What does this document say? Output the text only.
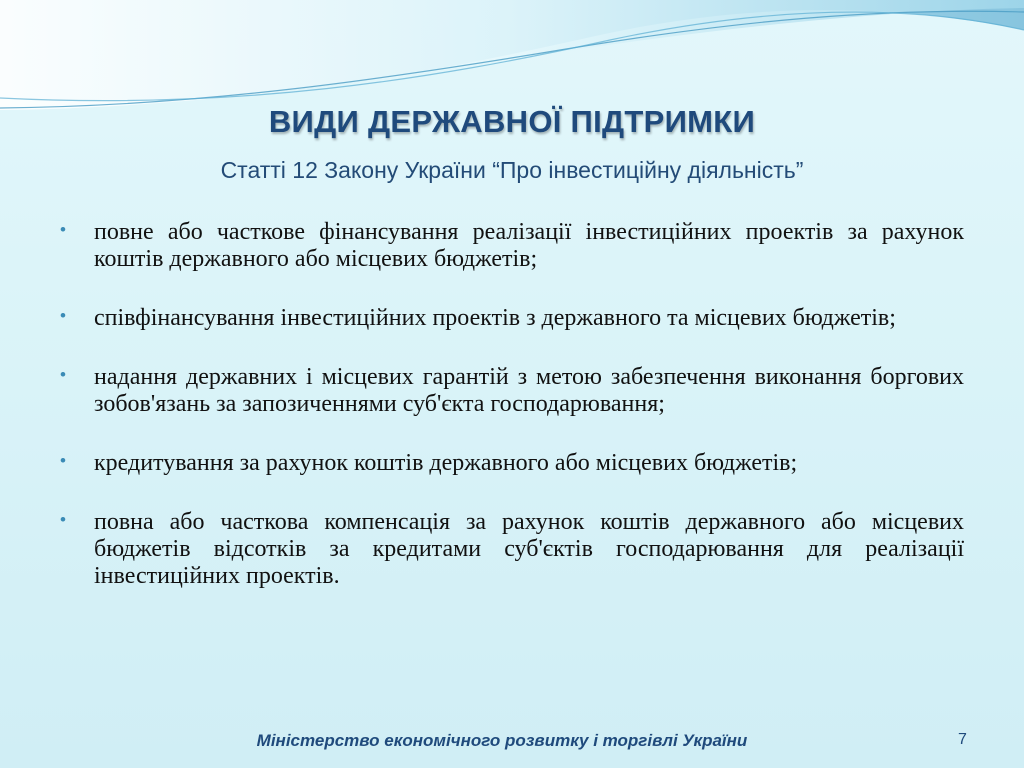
ВИДИ ДЕРЖАВНОЇ ПІДТРИМКИ
Статті 12 Закону України “Про інвестиційну діяльність”
• повне або часткове фінансування реалізації інвестиційних проектів за рахунок коштів державного або місцевих бюджетів;
• співфінансування інвестиційних проектів з державного та місцевих бюджетів;
• надання державних і місцевих гарантій з метою забезпечення виконання боргових зобов'язань за запозиченнями суб'єкта господарювання;
• кредитування за рахунок коштів державного або місцевих бюджетів;
• повна або часткова компенсація за рахунок коштів державного або місцевих бюджетів відсотків за кредитами суб'єктів господарювання для реалізації інвестиційних проектів.
Міністерство економічного розвитку і торгівлі України	7
